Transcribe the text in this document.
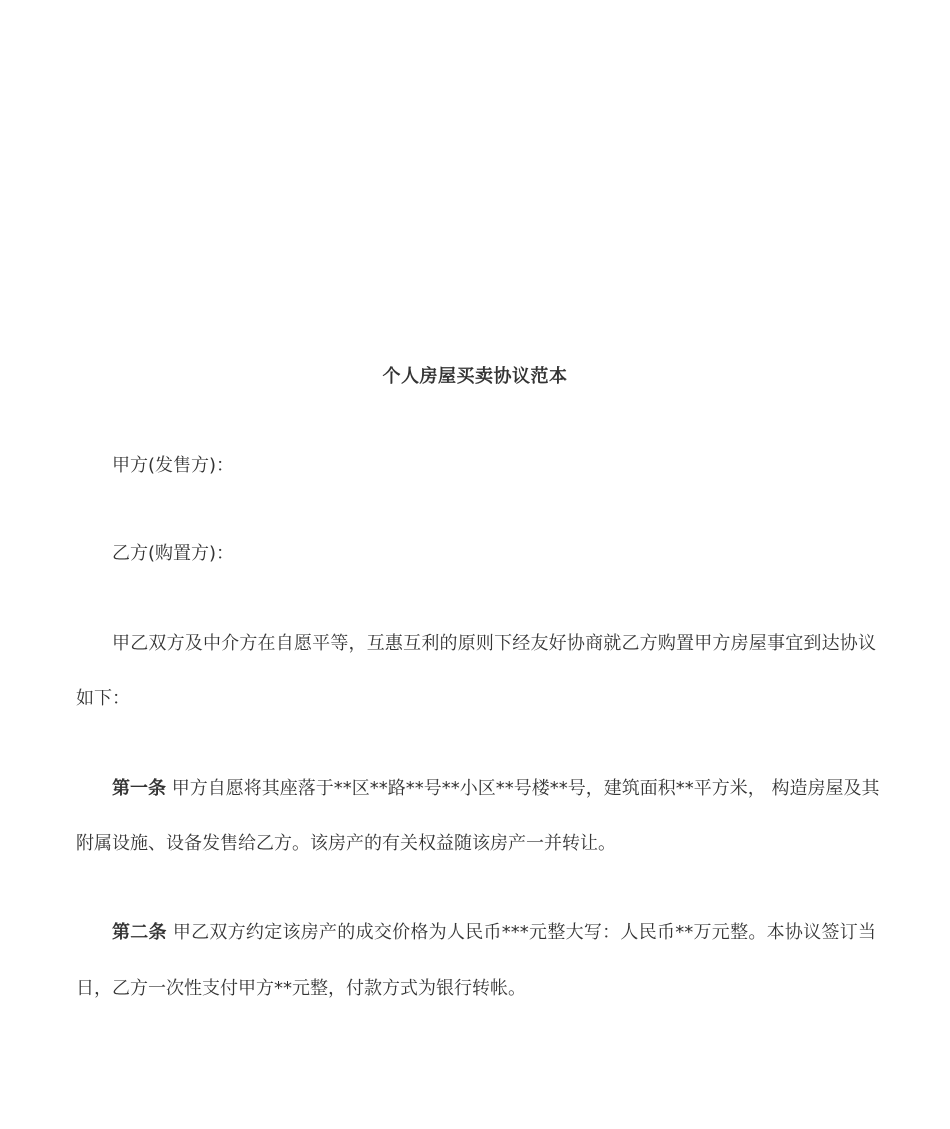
个人房屋买卖协议范本
甲方(发售方)：
乙方(购置方)：
甲乙双方及中介方在自愿平等，互惠互利的原则下经友好协商就乙方购置甲方房屋事宜到达协议
如下：
第一条 甲方自愿将其座落于**区**路**号**小区**号楼**号，建筑面积**平方米， 构造房屋及其
附属设施、设备发售给乙方。该房产的有关权益随该房产一并转让。
第二条 甲乙双方约定该房产的成交价格为人民币***元整大写：人民币**万元整。本协议签订当
日，乙方一次性支付甲方**元整，付款方式为银行转帐。
